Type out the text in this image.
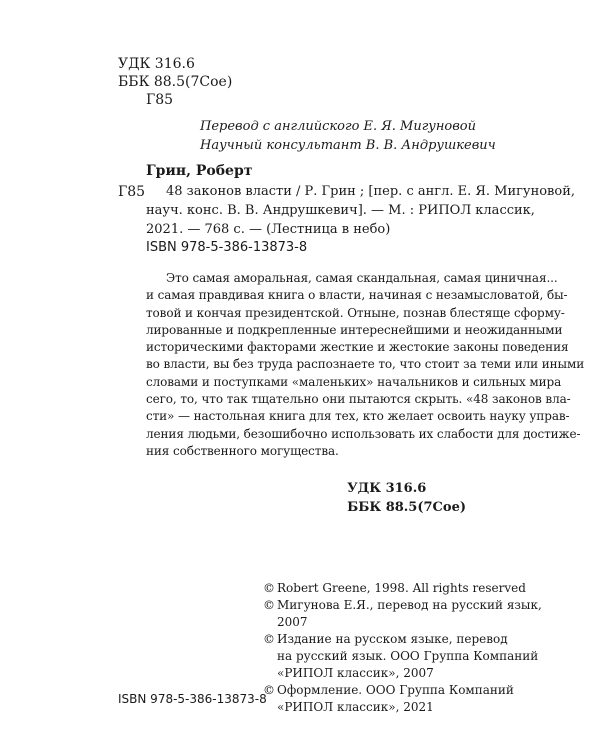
УДК 316.6
ББК 88.5(7Сое)
Г85
Перевод с английского Е. Я. Мигуновой
Научный консультант В. В. Андрушкевич
Грин, Роберт
Г85	48 законов власти / Р. Грин ; [пер. с англ. Е. Я. Мигуновой,
науч. конс. В. В. Андрушкевич]. — М. : РИПОЛ классик,
2021. — 768 с. — (Лестница в небо)
ISBN 978-5-386-13873-8
Это самая аморальная, самая скандальная, самая циничная...
и самая правдивая книга о власти, начиная с незамысловатой, бы-
товой и кончая президентской. Отныне, познав блестяще сформу-
лированные и подкрепленные интереснейшими и неожиданными
историческими факторами жесткие и жестокие законы поведения
во власти, вы без труда распознаете то, что стоит за теми или иными
словами и поступками «маленьких» начальников и сильных мира
сего, то, что так тщательно они пытаются скрыть. «48 законов вла-
сти» — настольная книга для тех, кто желает освоить науку управ-
ления людьми, безошибочно использовать их слабости для достиже-
ния собственного могущества.
УДК 316.6
ББК 88.5(7Сое)
© Robert Greene, 1998. All rights reserved
© Мигунова Е.Я., перевод на русский язык,
2007
© Издание на русском языке, перевод
на русский язык. ООО Группа Компаний
«РИПОЛ классик», 2007
© Оформление. ООО Группа Компаний
«РИПОЛ классик», 2021
ISBN 978-5-386-13873-8
